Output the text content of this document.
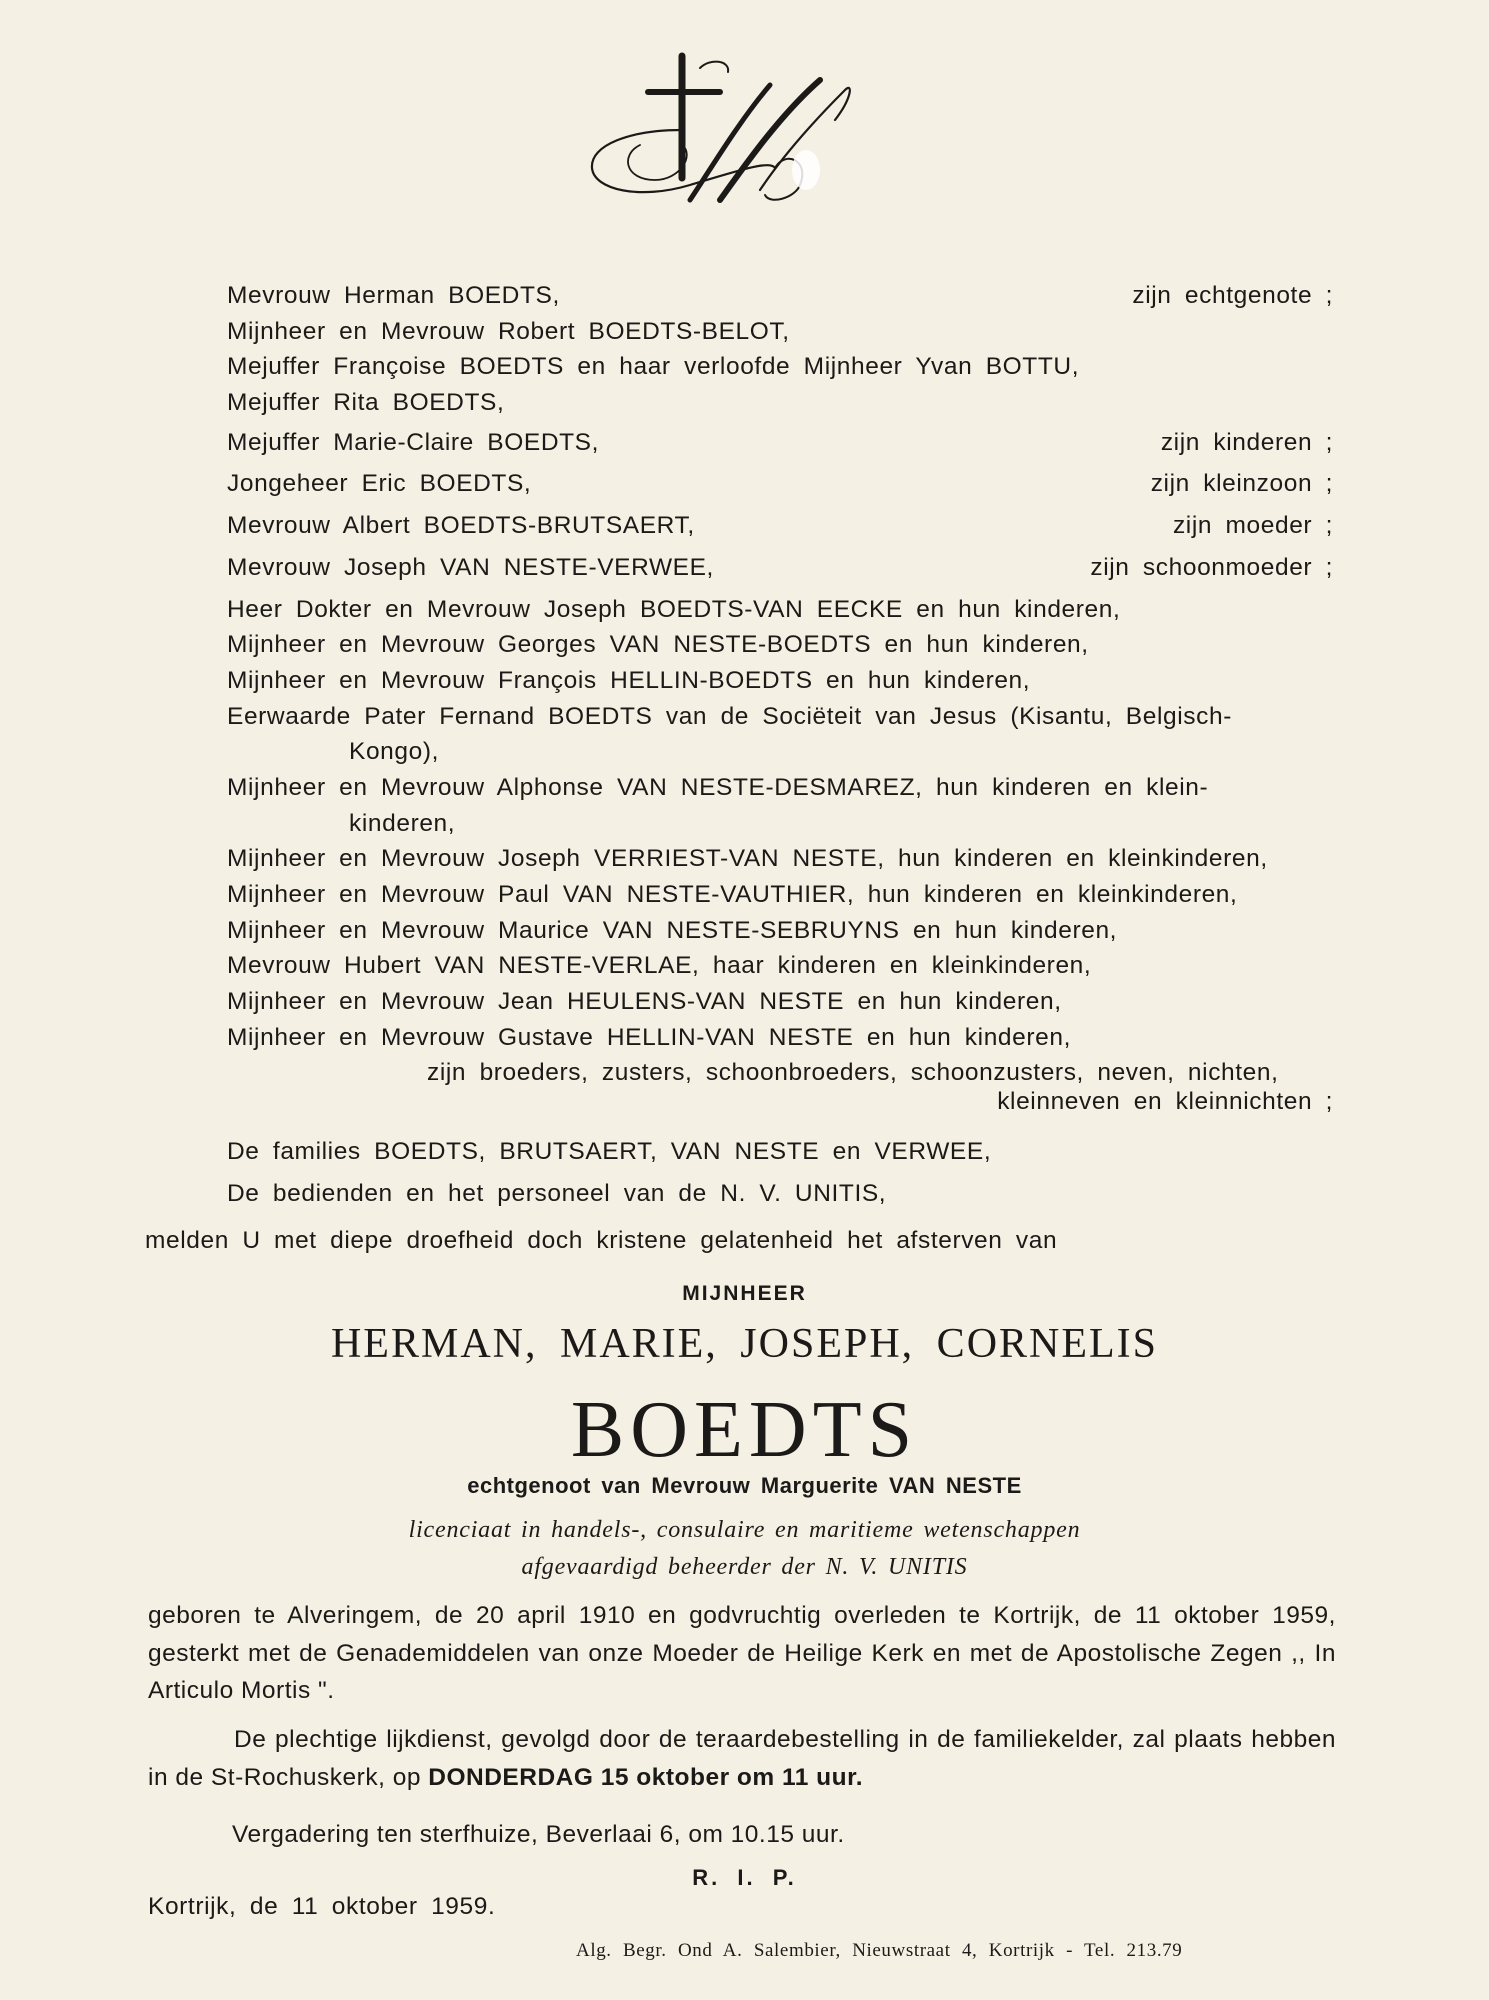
Mevrouw Herman BOEDTS,	zijn echtgenote ;
Mijnheer en Mevrouw Robert BOEDTS-BELOT,
Mejuffer Françoise BOEDTS en haar verloofde Mijnheer Yvan BOTTU,
Mejuffer Rita BOEDTS,
Mejuffer Marie-Claire BOEDTS,	zijn kinderen ;
Jongeheer Eric BOEDTS,	zijn kleinzoon ;
Mevrouw Albert BOEDTS-BRUTSAERT,	zijn moeder ;
Mevrouw Joseph VAN NESTE-VERWEE,	zijn schoonmoeder ;
Heer Dokter en Mevrouw Joseph BOEDTS-VAN EECKE en hun kinderen,
Mijnheer en Mevrouw Georges VAN NESTE-BOEDTS en hun kinderen,
Mijnheer en Mevrouw François HELLIN-BOEDTS en hun kinderen,
Eerwaarde Pater Fernand BOEDTS van de Sociëteit van Jesus (Kisantu, Belgisch-
Kongo),
Mijnheer en Mevrouw Alphonse VAN NESTE-DESMAREZ, hun kinderen en klein-
kinderen,
Mijnheer en Mevrouw Joseph VERRIEST-VAN NESTE, hun kinderen en kleinkinderen,
Mijnheer en Mevrouw Paul VAN NESTE-VAUTHIER, hun kinderen en kleinkinderen,
Mijnheer en Mevrouw Maurice VAN NESTE-SEBRUYNS en hun kinderen,
Mevrouw Hubert VAN NESTE-VERLAE, haar kinderen en kleinkinderen,
Mijnheer en Mevrouw Jean HEULENS-VAN NESTE en hun kinderen,
Mijnheer en Mevrouw Gustave HELLIN-VAN NESTE en hun kinderen,
zijn broeders, zusters, schoonbroeders, schoonzusters, neven, nichten,
kleinneven en kleinnichten ;
De families BOEDTS, BRUTSAERT, VAN NESTE en VERWEE,
De bedienden en het personeel van de N. V. UNITIS,
melden U met diepe droefheid doch kristene gelatenheid het afsterven van
MIJNHEER
HERMAN, MARIE, JOSEPH, CORNELIS
BOEDTS
echtgenoot van Mevrouw Marguerite VAN NESTE
licenciaat in handels-, consulaire en maritieme wetenschappen
afgevaardigd beheerder der N. V. UNITIS
geboren te Alveringem, de 20 april 1910 en godvruchtig overleden te Kortrijk, de 11 oktober 1959, gesterkt met de Genademiddelen van onze Moeder de Heilige Kerk en met de Apostolische Zegen ,, In Articulo Mortis ".
De plechtige lijkdienst, gevolgd door de teraardebestelling in de familiekelder, zal plaats hebben in de St-Rochuskerk, op DONDERDAG 15 oktober om 11 uur.
Vergadering ten sterfhuize, Beverlaai 6, om 10.15 uur.
R. I. P.
Kortrijk, de 11 oktober 1959.
Alg. Begr. Ond A. Salembier, Nieuwstraat 4, Kortrijk - Tel. 213.79
